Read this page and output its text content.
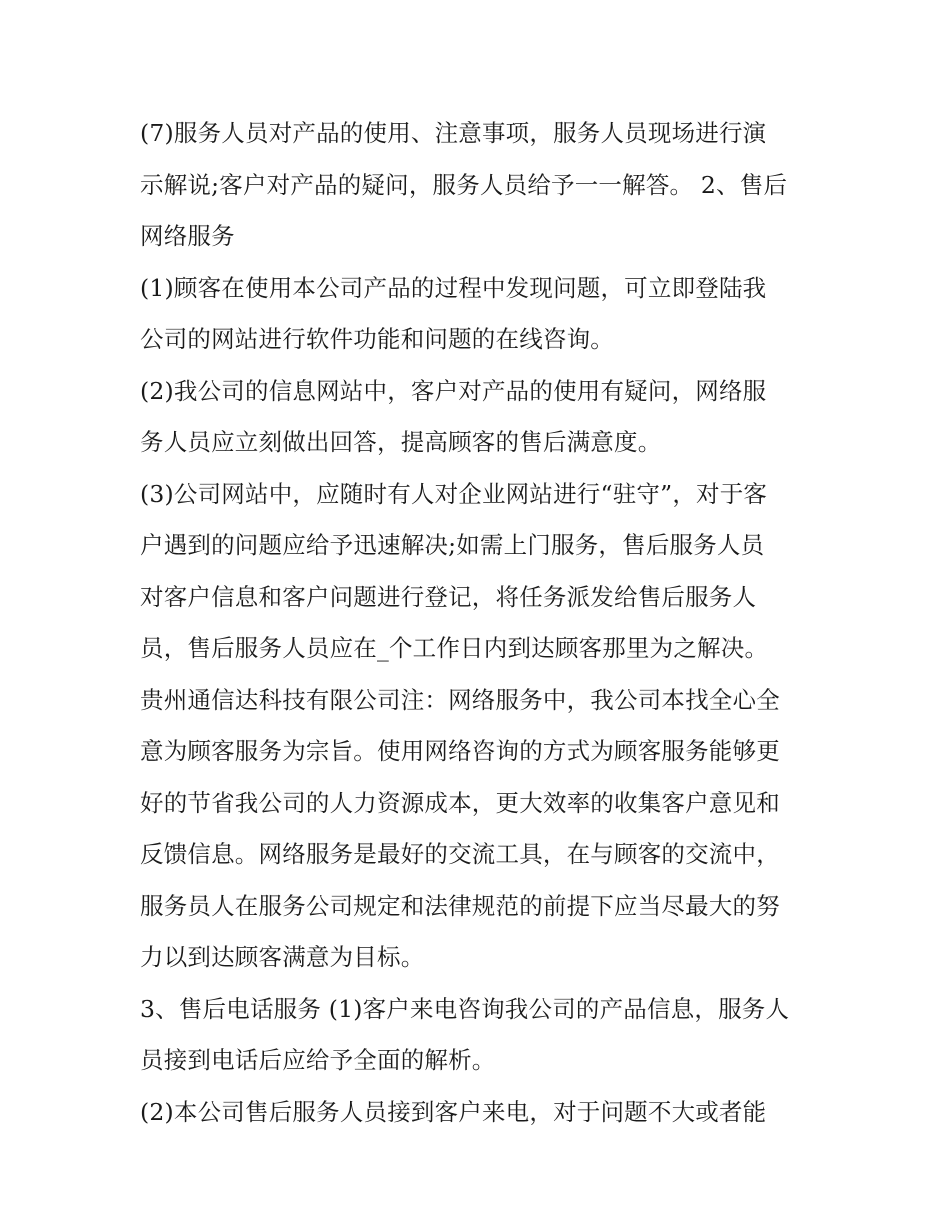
(7)服务人员对产品的使用、注意事项，服务人员现场进行演
示解说;客户对产品的疑问，服务人员给予一一解答。 2、售后
网络服务
(1)顾客在使用本公司产品的过程中发现问题，可立即登陆我
公司的网站进行软件功能和问题的在线咨询。
(2)我公司的信息网站中，客户对产品的使用有疑问，网络服
务人员应立刻做出回答，提高顾客的售后满意度。
(3)公司网站中，应随时有人对企业网站进行“驻守”，对于客
户遇到的问题应给予迅速解决;如需上门服务，售后服务人员
对客户信息和客户问题进行登记，将任务派发给售后服务人
员，售后服务人员应在_个工作日内到达顾客那里为之解决。
贵州通信达科技有限公司注：网络服务中，我公司本找全心全
意为顾客服务为宗旨。使用网络咨询的方式为顾客服务能够更
好的节省我公司的人力资源成本，更大效率的收集客户意见和
反馈信息。网络服务是最好的交流工具，在与顾客的交流中，
服务员人在服务公司规定和法律规范的前提下应当尽最大的努
力以到达顾客满意为目标。
3、售后电话服务 (1)客户来电咨询我公司的产品信息，服务人
员接到电话后应给予全面的解析。
(2)本公司售后服务人员接到客户来电，对于问题不大或者能
